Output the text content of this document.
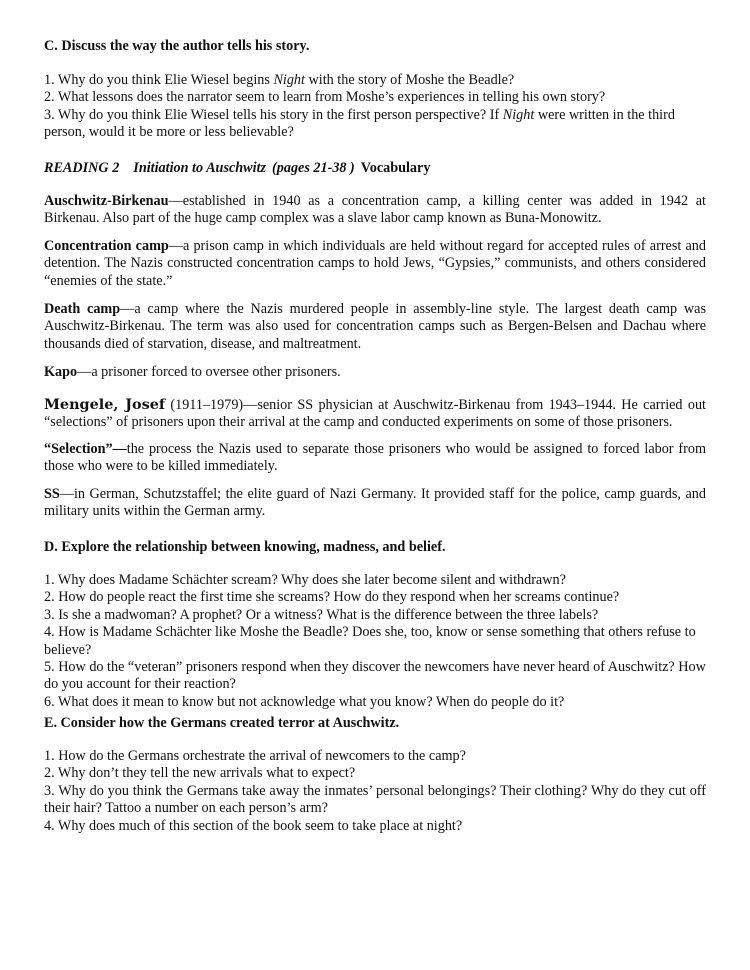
C. Discuss the way the author tells his story.
1. Why do you think Elie Wiesel begins Night with the story of Moshe the Beadle?
2. What lessons does the narrator seem to learn from Moshe’s experiences in telling his own story?
3. Why do you think Elie Wiesel tells his story in the first person perspective? If Night were written in the third person, would it be more or less believable?
READING 2 Initiation to Auschwitz (pages 21-38 ) Vocabulary
Auschwitz-Birkenau—established in 1940 as a concentration camp, a killing center was added in 1942 at Birkenau. Also part of the huge camp complex was a slave labor camp known as Buna-Monowitz.
Concentration camp—a prison camp in which individuals are held without regard for accepted rules of arrest and detention. The Nazis constructed concentration camps to hold Jews, “Gypsies,” communists, and others considered “enemies of the state.”
Death camp—a camp where the Nazis murdered people in assembly-line style. The largest death camp was Auschwitz-Birkenau. The term was also used for concentration camps such as Bergen-Belsen and Dachau where thousands died of starvation, disease, and maltreatment.
Kapo—a prisoner forced to oversee other prisoners.
Mengele, Josef (1911–1979)—senior SS physician at Auschwitz-Birkenau from 1943–1944. He carried out “selections” of prisoners upon their arrival at the camp and conducted experiments on some of those prisoners.
“Selection”—the process the Nazis used to separate those prisoners who would be assigned to forced labor from those who were to be killed immediately.
SS—in German, Schutzstaffel; the elite guard of Nazi Germany. It provided staff for the police, camp guards, and military units within the German army.
D. Explore the relationship between knowing, madness, and belief.
1. Why does Madame Schächter scream? Why does she later become silent and withdrawn?
2. How do people react the first time she screams? How do they respond when her screams continue?
3. Is she a madwoman? A prophet? Or a witness? What is the difference between the three labels?
4. How is Madame Schächter like Moshe the Beadle? Does she, too, know or sense something that others refuse to believe?
5. How do the “veteran” prisoners respond when they discover the newcomers have never heard of Auschwitz? How do you account for their reaction?
6. What does it mean to know but not acknowledge what you know? When do people do it?
E. Consider how the Germans created terror at Auschwitz.
1. How do the Germans orchestrate the arrival of newcomers to the camp?
2. Why don’t they tell the new arrivals what to expect?
3. Why do you think the Germans take away the inmates’ personal belongings? Their clothing? Why do they cut off their hair? Tattoo a number on each person’s arm?
4. Why does much of this section of the book seem to take place at night?
